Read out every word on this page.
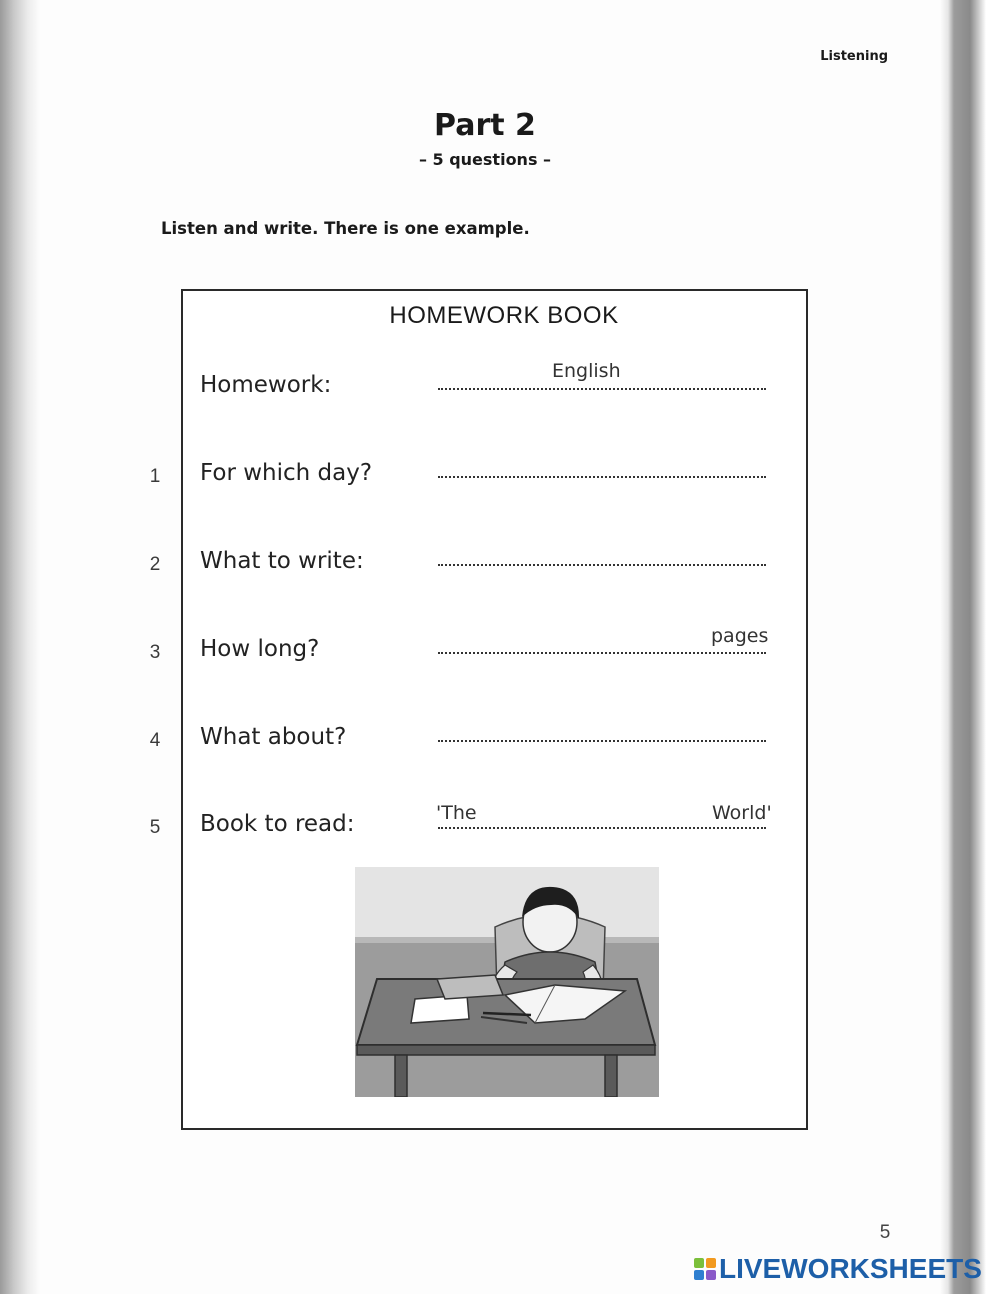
Listening
Part 2
– 5 questions –
Listen and write. There is one example.
HOMEWORK BOOK
Homework:
English
1	For which day?
2	What to write:
3	How long?	pages
4	What about?
5	Book to read:	'The	World'
5
LIVEWORKSHEETS
